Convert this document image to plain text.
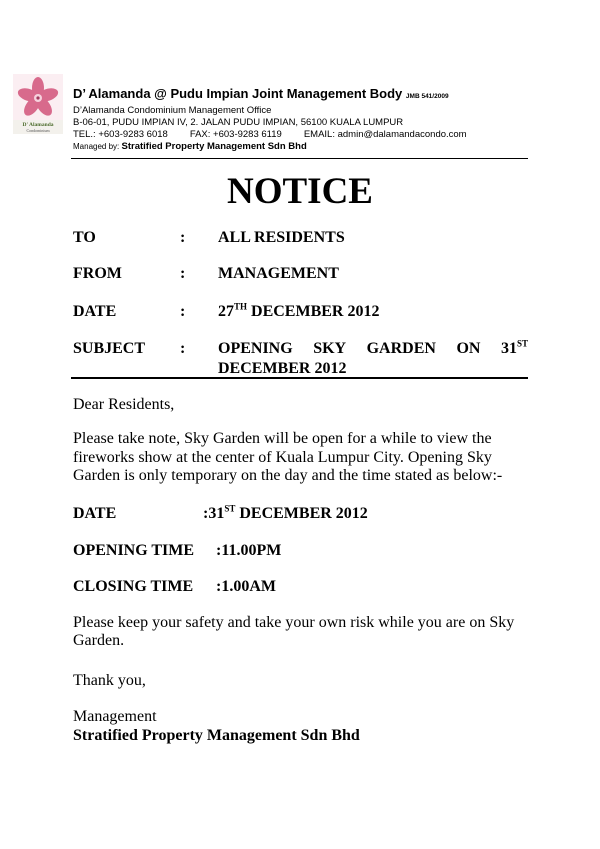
D' Alamanda
Condominium
D’ Alamanda @ Pudu Impian Joint Management Body JMB 541/2009
D’Alamanda Condominium Management Office
B-06-01, PUDU IMPIAN IV, 2. JALAN PUDU IMPIAN, 56100 KUALA LUMPUR
TEL.: +603-9283 6018 FAX: +603-9283 6119 EMAIL: admin@dalamandacondo.com
Managed by: Stratified Property Management Sdn Bhd
NOTICE
TO	: ALL RESIDENTS
FROM	: MANAGEMENT
DATE	: 27TH DECEMBER 2012
SUBJECT : OPENING SKY GARDEN ON 31ST
DECEMBER 2012
Dear Residents,
Please take note, Sky Garden will be open for a while to view the fireworks show at the center of Kuala Lumpur City. Opening Sky Garden is only temporary on the day and the time stated as below:-
DATE	:31ST DECEMBER 2012
OPENING TIME :11.00PM
CLOSING TIME :1.00AM
Please keep your safety and take your own risk while you are on Sky Garden.
Thank you,
Management
Stratified Property Management Sdn Bhd
